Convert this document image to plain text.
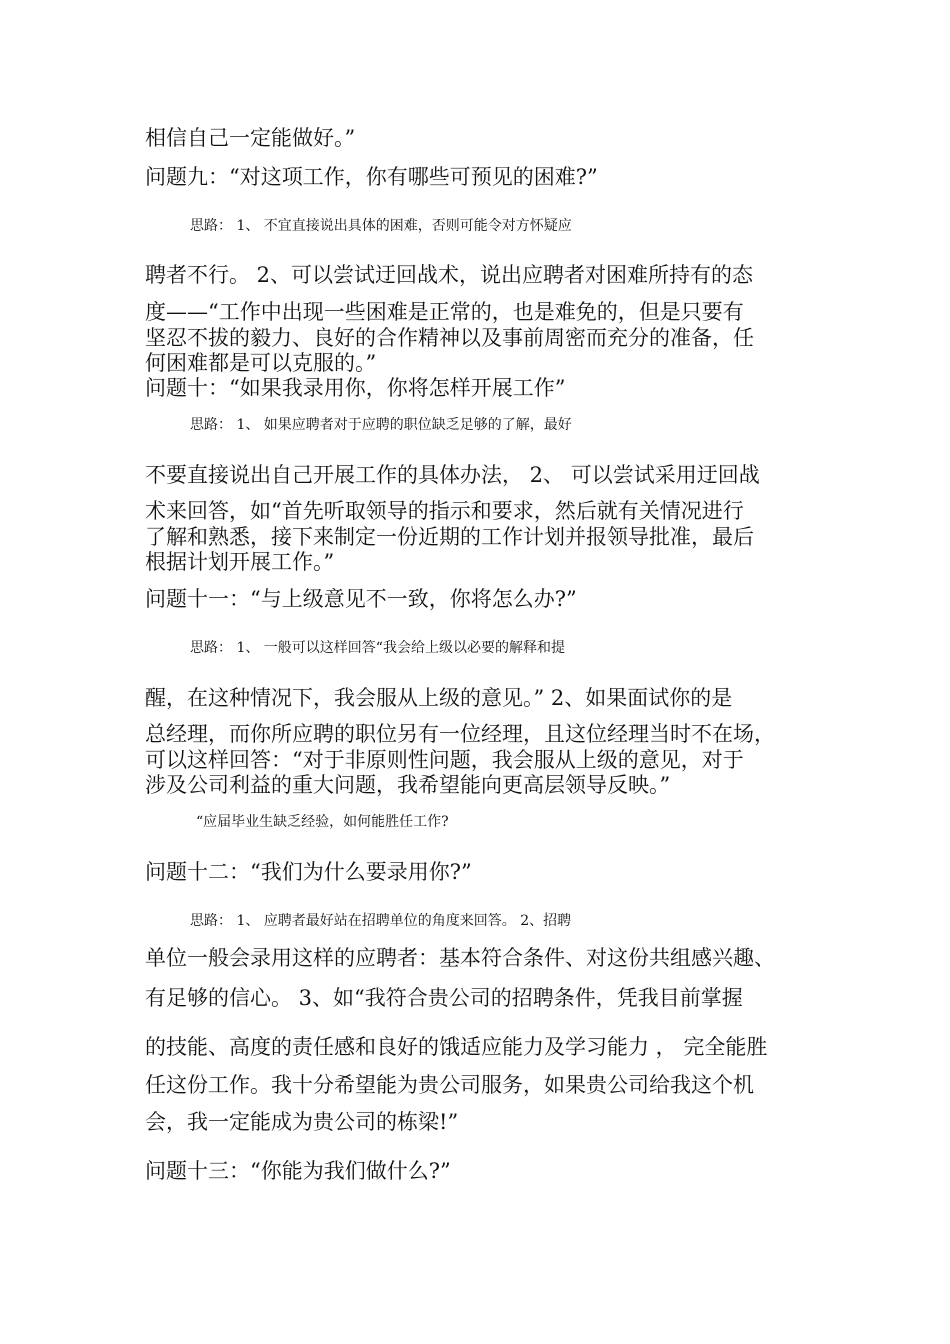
相信自己一定能做好。”
问题九：“对这项工作，你有哪些可预见的困难?”
思路： 1、 不宜直接说出具体的困难，否则可能令对方怀疑应
聘者不行。 2、可以尝试迂回战术，说出应聘者对困难所持有的态
度——“工作中出现一些困难是正常的，也是难免的，但是只要有
坚忍不拔的毅力、良好的合作精神以及事前周密而充分的准备，任
何困难都是可以克服的。”
问题十：“如果我录用你，你将怎样开展工作”
思路： 1、 如果应聘者对于应聘的职位缺乏足够的了解，最好
不要直接说出自己开展工作的具体办法， 2、 可以尝试采用迂回战
术来回答，如“首先听取领导的指示和要求，然后就有关情况进行
了解和熟悉，接下来制定一份近期的工作计划并报领导批准，最后
根据计划开展工作。”
问题十一：“与上级意见不一致，你将怎么办?”
思路： 1、 一般可以这样回答“我会给上级以必要的解释和提
醒，在这种情况下，我会服从上级的意见。” 2、如果面试你的是
总经理，而你所应聘的职位另有一位经理，且这位经理当时不在场，
可以这样回答：“对于非原则性问题，我会服从上级的意见，对于
涉及公司利益的重大问题，我希望能向更高层领导反映。”
“应届毕业生缺乏经验，如何能胜任工作?
问题十二：“我们为什么要录用你?”
思路： 1、 应聘者最好站在招聘单位的角度来回答。 2、招聘
单位一般会录用这样的应聘者：基本符合条件、对这份共组感兴趣、
有足够的信心。 3、如“我符合贵公司的招聘条件，凭我目前掌握
的技能、高度的责任感和良好的饿适应能力及学习能力 ， 完全能胜
任这份工作。我十分希望能为贵公司服务，如果贵公司给我这个机
会，我一定能成为贵公司的栋梁!”
问题十三：“你能为我们做什么?”
